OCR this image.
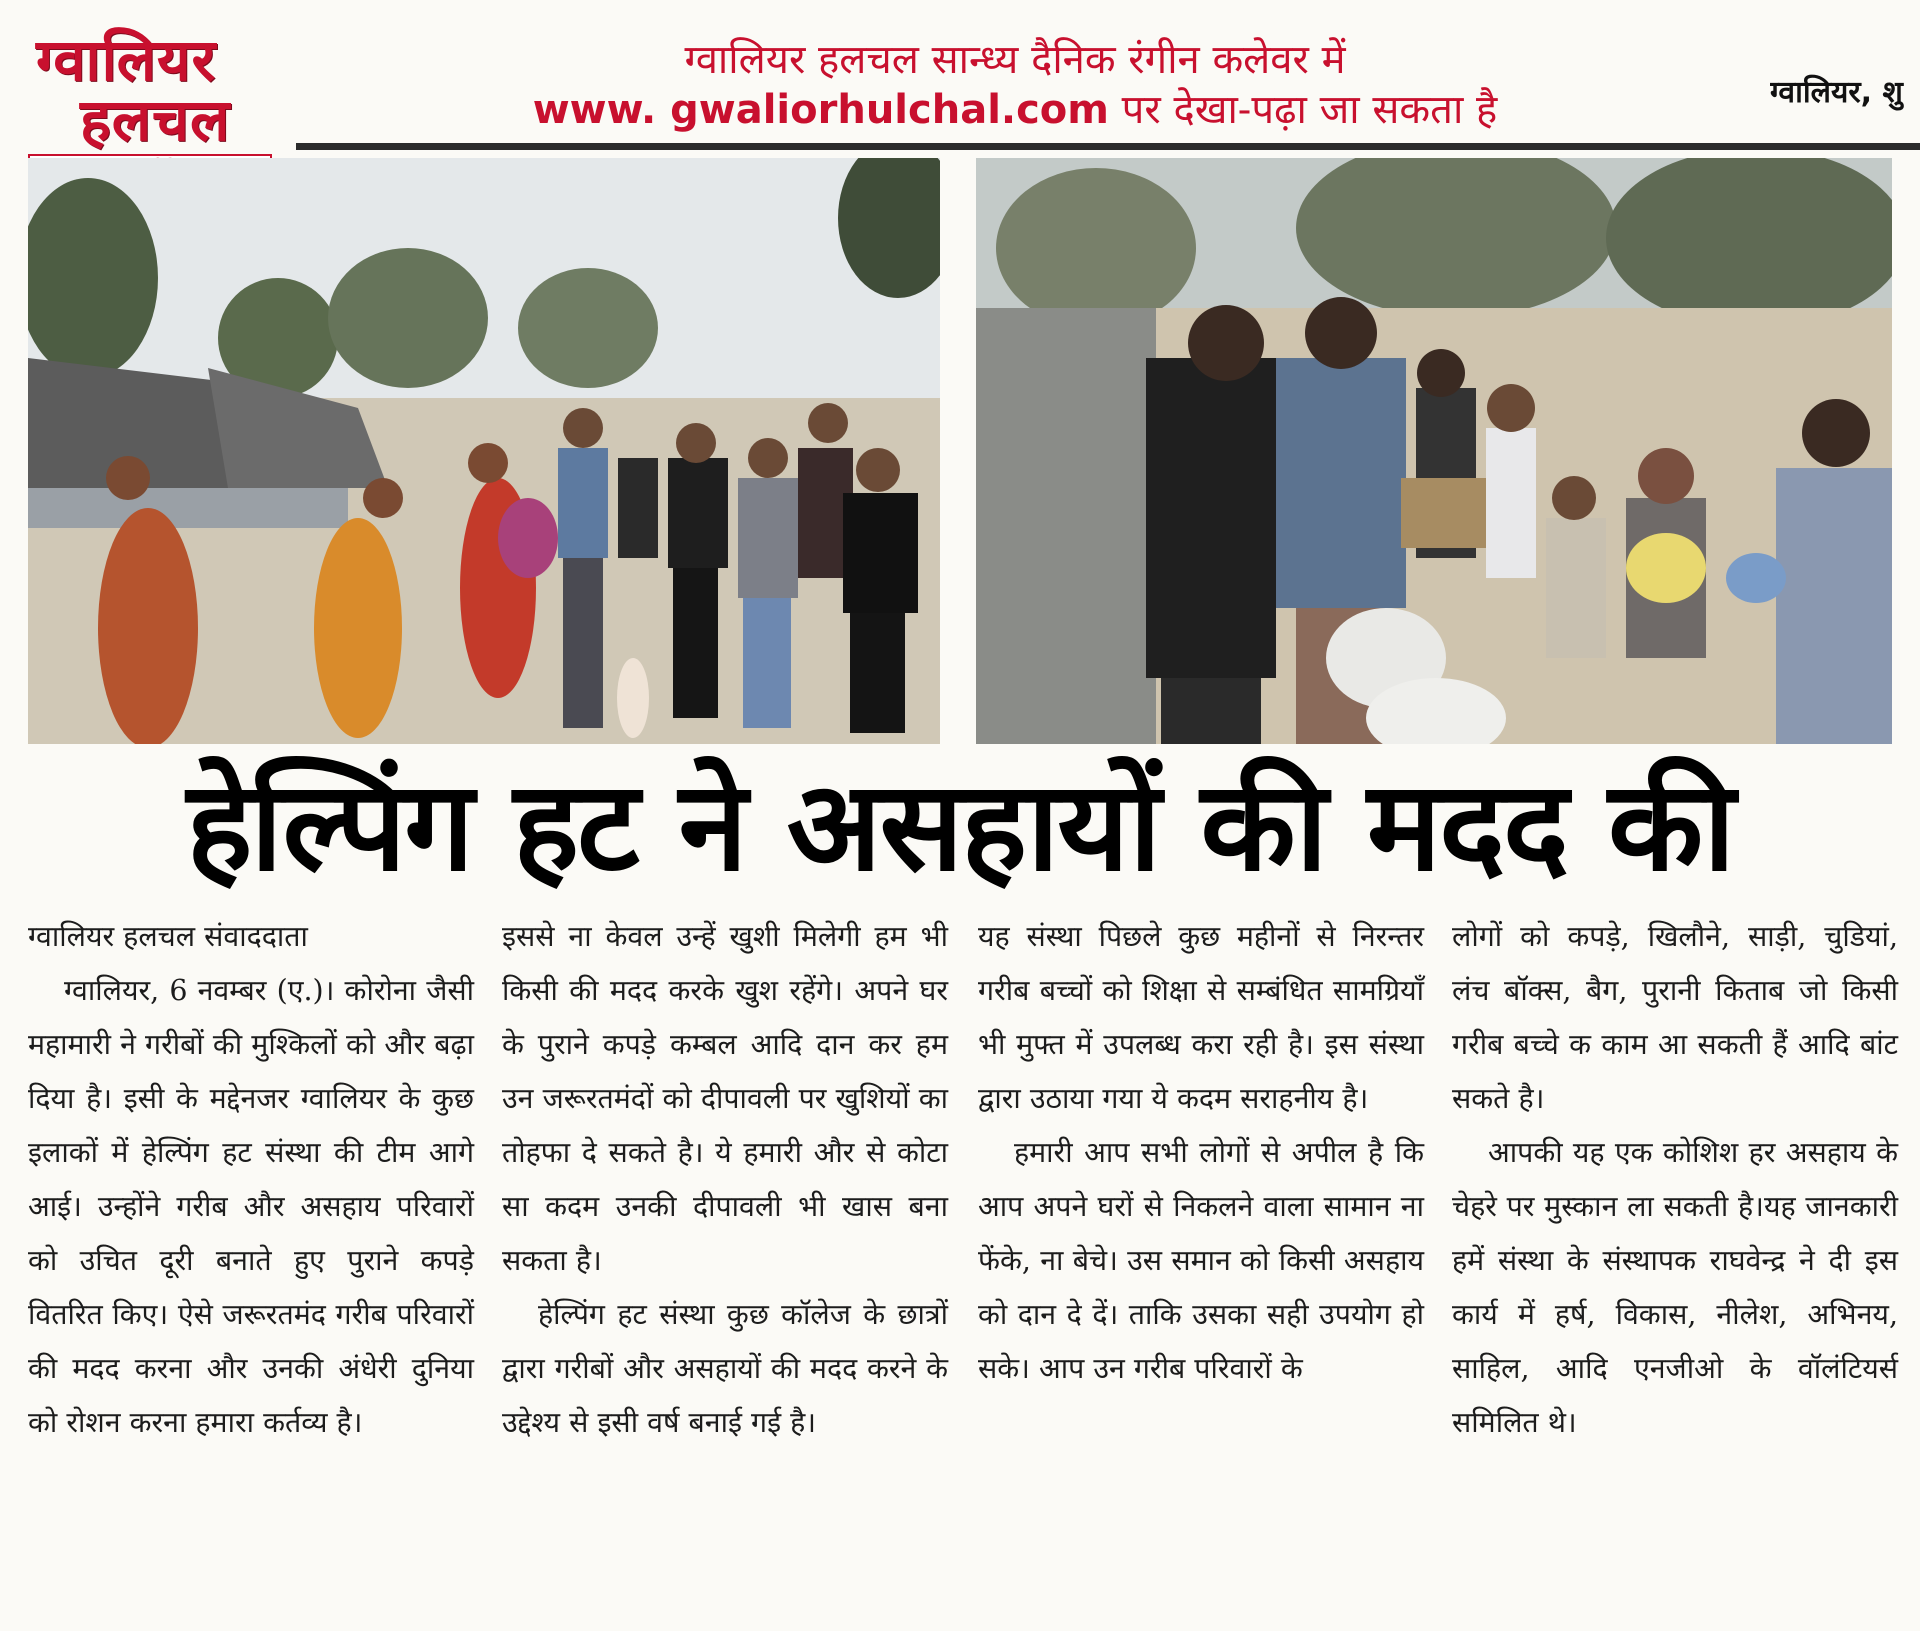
ग्वालियर
हलचल
ग्वालियर हलचल सान्ध्य दैनिक रंगीन कलेवर में
www. gwaliorhulchal.com पर देखा-पढ़ा जा सकता है	ग्वालियर, शु
हेल्पिंग हट ने असहायों की मदद की

ग्वालियर हलचल संवाददाता

ग्वालियर, 6 नवम्बर (ए.)। कोरोना जैसी महामारी ने गरीबों की मुश्किलों को और बढ़ा दिया है। इसी के मद्देनजर ग्वालियर के कुछ इलाकों में हेल्पिंग हट संस्था की टीम आगे आई। उन्होंने गरीब और असहाय परिवारों को उचित दूरी बनाते हुए पुराने कपड़े वितरित किए। ऐसे जरूरतमंद गरीब परिवारों की मदद करना और उनकी अंधेरी दुनिया को रोशन करना हमारा कर्तव्य है।

इससे ना केवल उन्हें खुशी मिलेगी हम भी किसी की मदद करके खुश रहेंगे। अपने घर के पुराने कपड़े कम्बल आदि दान कर हम उन जरूरतमंदों को दीपावली पर खुशियों का तोहफा दे सकते है। ये हमारी और से कोटा सा कदम उनकी दीपावली भी खास बना सकता है।

हेल्पिंग हट संस्था कुछ कॉलेज के छात्रों द्वारा गरीबों और असहायों की मदद करने के उद्देश्य से इसी वर्ष बनाई गई है।

यह संस्था पिछले कुछ महीनों से निरन्तर गरीब बच्चों को शिक्षा से सम्बंधित सामग्रियाँ भी मुफ्त में उपलब्ध करा रही है। इस संस्था द्वारा उठाया गया ये कदम सराहनीय है।

हमारी आप सभी लोगों से अपील है कि आप अपने घरों से निकलने वाला सामान ना फेंके, ना बेचे। उस समान को किसी असहाय को दान दे दें। ताकि उसका सही उपयोग हो सके। आप उन गरीब परिवारों के

लोगों को कपड़े, खिलौने, साड़ी, चुडियां, लंच बॉक्स, बैग, पुरानी किताब जो किसी गरीब बच्चे क काम आ सकती हैं आदि बांट सकते है।

आपकी यह एक कोशिश हर असहाय के चेहरे पर मुस्कान ला सकती है।यह जानकारी हमें संस्था के संस्थापक राघवेन्द्र ने दी इस कार्य में हर्ष, विकास, नीलेश, अभिनय, साहिल, आदि एनजीओ के वॉलंटियर्स समिलित थे।
